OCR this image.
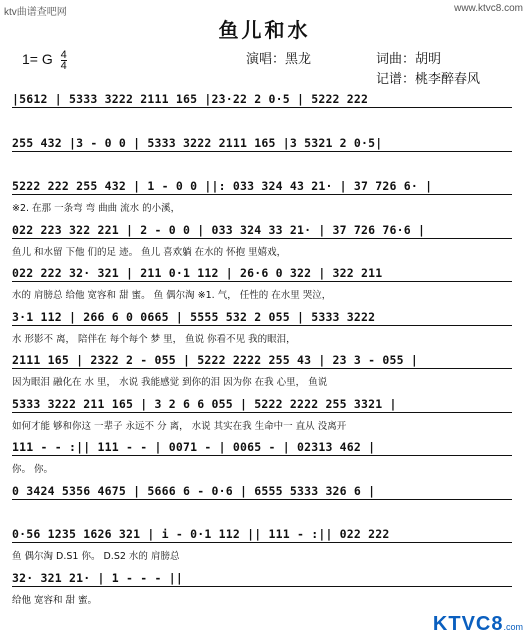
ktv曲谱查吧网	www.ktvc8.com
鱼儿和水
1= G $\frac{4}{4}$	演唱：黑龙	词曲：胡明
记谱：桃李醉春风
|5612 | 5333 3222 2111 165 |2̇3·22 2 0·5 | 5222 222
255 432 |3 - 0 0 | 5333 3222 2111 165 |3 5321 2 0·5|
5222 222 255 432 | 1 - 0 0 ||: 033 324 43 21· | 37 726 6· |
※2. 在那 一条弯 弯 曲曲 流水 的小溪，
022 223 322 221 | 2 - 0 0 | 033 324 33 21· | 37 726 76·6 |
鱼儿 和水留 下他 们的足 迹。 鱼儿 喜欢躺 在水的 怀抱 里嬉戏，
022 222 32· 321 | 211 0·1 112 | 26·6 0 322 | 322 211
水的 肩膀总 给他 宽容和 甜 蜜。 鱼 偶尔淘 ※1. 气， 任性的 在水里 哭泣，
3·1 112 | 266 6 0 0665 | 5555 532 2 055 | 5333 3222
水 形影不 离， 陪伴在 每个每个 梦 里， 鱼说 你看不见 我的眼泪，
2111 165 | 2322 2 - 055 | 5222 2222 255 43 | 23 3 - 055 |
因为眼泪 融化在 水 里， 水说 我能感觉 到你的泪 因为你 在我 心里， 鱼说
5333 3222 211 165 | 3 2 6 6 055 | 5222 2222 255 3321 |
如何才能 够和你这 一辈子 永远不 分 离， 水说 其实在我 生命中一 直从 没离开
111 - - :|| 111 - - | 0071 - | 0065 - | 02313 462 |
你。 你。
0 3424 5356 4675 | 5666 6 - 0·6 | 6555 5333 326 6 |
0·56 1235 1626 321 | i - 0·1 112 || 111 - :|| 022 222
鱼 偶尔淘 D.S1 你。 D.S2 水的 肩膀总
32· 321 21· | 1 - - - ||
给他 宽容和 甜 蜜。
KTVC8.com
